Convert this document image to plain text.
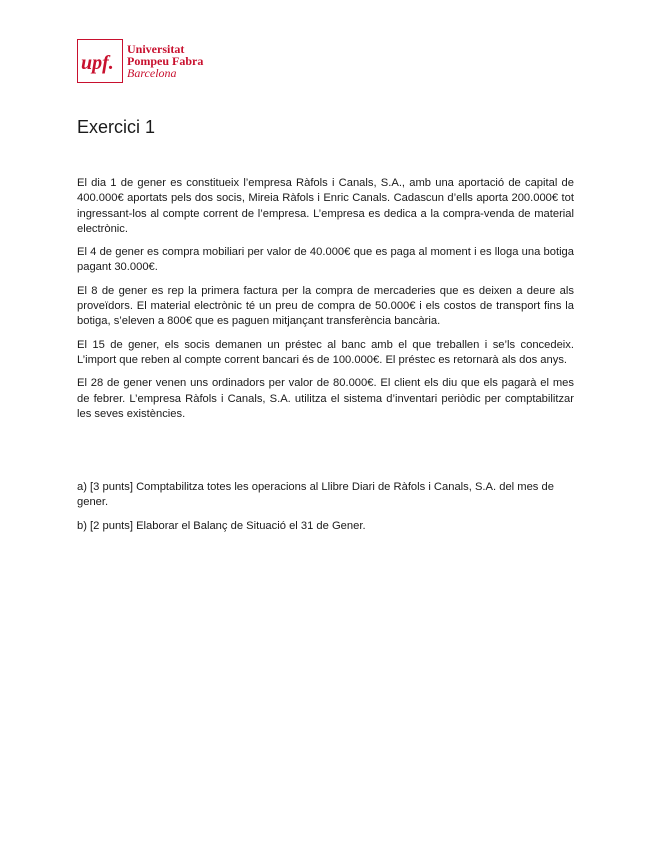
upf.
Universitat
Pompeu Fabra
Barcelona
Exercici 1

El dia 1 de gener es constitueix l’empresa Ràfols i Canals, S.A., amb una aportació de capital de 400.000€ aportats pels dos socis, Mireia Ràfols i Enric Canals. Cadascun d’ells aporta 200.000€ tot ingressant-los al compte corrent de l’empresa. L’empresa es dedica a la compra-venda de material electrònic.

El 4 de gener es compra mobiliari per valor de 40.000€ que es paga al moment i es lloga una botiga pagant 30.000€.

El 8 de gener es rep la primera factura per la compra de mercaderies que es deixen a deure als proveïdors. El material electrònic té un preu de compra de 50.000€ i els costos de transport fins la botiga, s’eleven a 800€ que es paguen mitjançant transferència bancària.

El 15 de gener, els socis demanen un préstec al banc amb el que treballen i se’ls concedeix. L’import que reben al compte corrent bancari és de 100.000€. El préstec es retornarà als dos anys.

El 28 de gener venen uns ordinadors per valor de 80.000€. El client els diu que els pagarà el mes de febrer. L’empresa Ràfols i Canals, S.A. utilitza el sistema d’inventari periòdic per comptabilitzar les seves existències.

a) [3 punts] Comptabilitza totes les operacions al Llibre Diari de Ràfols i Canals, S.A. del mes de gener.

b) [2 punts] Elaborar el Balanç de Situació el 31 de Gener.
